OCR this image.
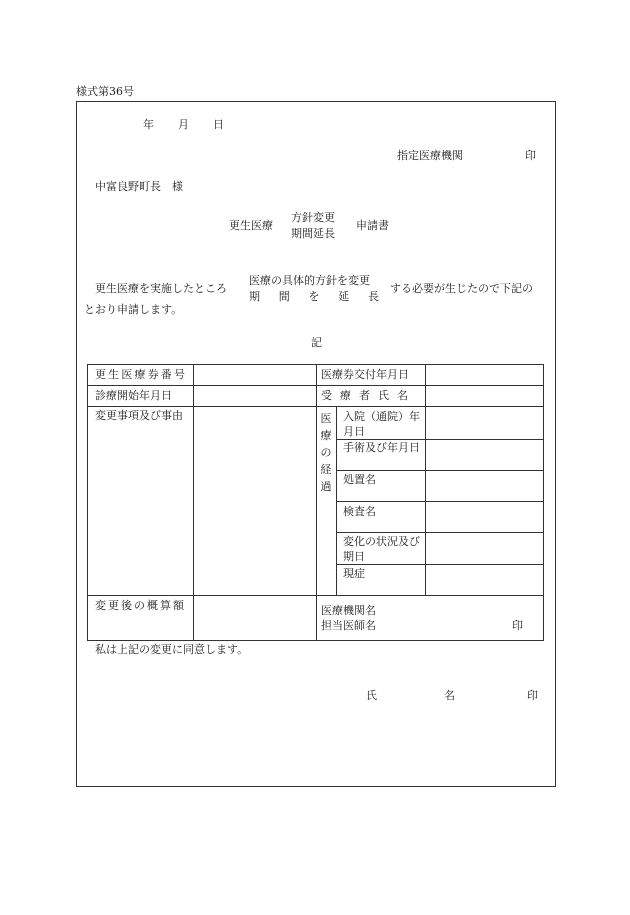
様式第36号
年 月 日
指定医療機関	印
中富良野町長　様
更生医療
方針変更
期間延長
申請書
更生医療を実施したところ
医療の具体的方針を変更
期 間 を 延 長
する必要が生じたので下記の
とおり申請します。
記
更 生 医 療 券 番 号	医療券交付年月日
診療開始年月日	受療者氏名
変更事項及び事由	医療の経過
入院（通院）年月日
手術及び年月日
処置名
検査名
変化の状況及び期日
現症
変更後の概算額	医療機関名
担当医師名	印
私は上記の変更に同意します。
氏	名	印
